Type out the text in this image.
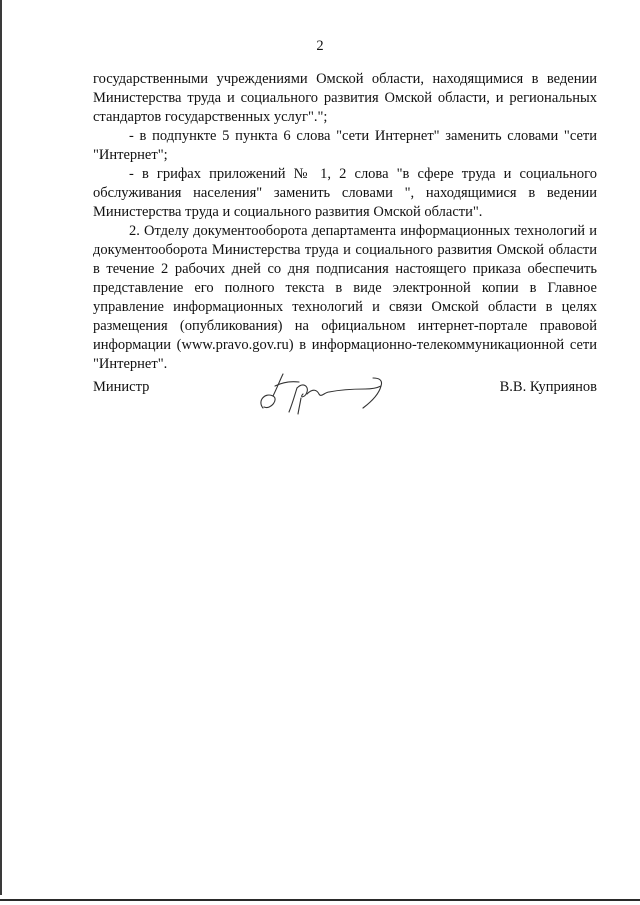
2

государственными учреждениями Омской области, находящимися в ведении Министерства труда и социального развития Омской области, и региональных стандартов государственных услуг".";

- в подпункте 5 пункта 6 слова "сети Интернет" заменить словами "сети "Интернет";

- в грифах приложений № 1, 2 слова "в сфере труда и социального обслуживания населения" заменить словами ", находящимися в ведении Министерства труда и социального развития Омской области".

2. Отделу документооборота департамента информационных технологий и документооборота Министерства труда и социального развития Омской области в течение 2 рабочих дней со дня подписания настоящего приказа обеспечить представление его полного текста в виде электронной копии в Главное управление информационных технологий и связи Омской области в целях размещения (опубликования) на официальном интернет-портале правовой информации (www.pravo.gov.ru) в информационно-телекоммуникационной сети "Интернет".

Министр	В.В. Куприянов
